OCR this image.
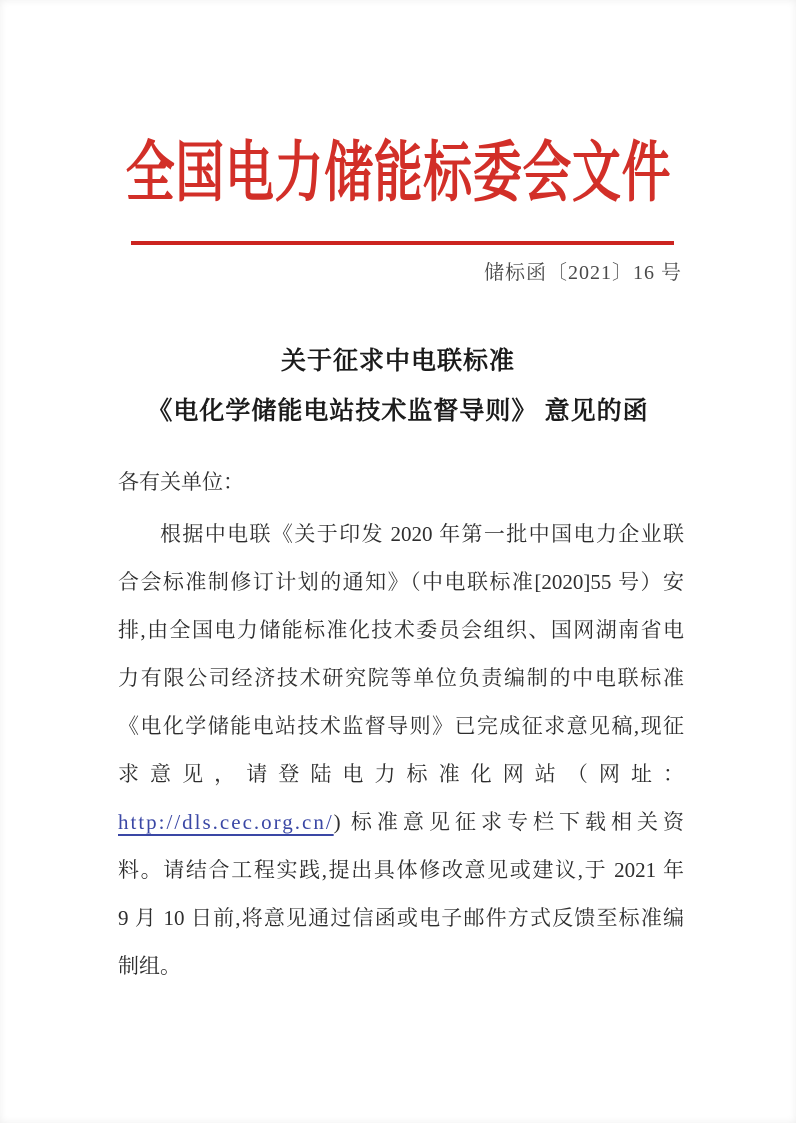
全国电力储能标委会文件
储标函〔2021〕16 号
关于征求中电联标准
《电化学储能电站技术监督导则》 意见的函
各有关单位：
根据中电联《关于印发 2020 年第一批中国电力企业联
合会标准制修订计划的通知》（中电联标准[2020]55 号）安
排,由全国电力储能标准化技术委员会组织、国网湖南省电
力有限公司经济技术研究院等单位负责编制的中电联标准
《电化学储能电站技术监督导则》已完成征求意见稿,现征
求意见，请登陆电力标准化网站（网址：
http://dls.cec.org.cn/) 标准意见征求专栏下载相关资
料。请结合工程实践,提出具体修改意见或建议,于 2021 年
9 月 10 日前,将意见通过信函或电子邮件方式反馈至标准编
制组。
